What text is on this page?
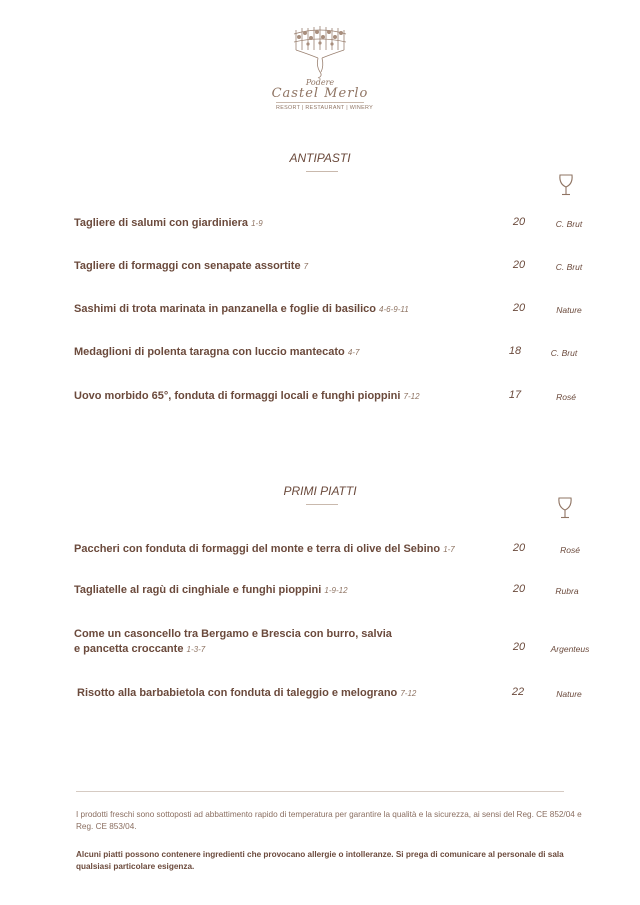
Podere
Castel Merlo
RESORT | RESTAURANT | WINERY
ANTIPASTI
Tagliere di salumi con giardiniera 1-9	20	C. Brut
Tagliere di formaggi con senapate assortite 7	20	C. Brut
Sashimi di trota marinata in panzanella e foglie di basilico 4-6-9-11	20	Nature
Medaglioni di polenta taragna con luccio mantecato 4-7	18	C. Brut
Uovo morbido 65°, fonduta di formaggi locali e funghi pioppini 7-12	17	Rosé
PRIMI PIATTI
Paccheri con fonduta di formaggi del monte e terra di olive del Sebino 1-7	20	Rosé
Tagliatelle al ragù di cinghiale e funghi pioppini 1-9-12	20	Rubra
Come un casoncello tra Bergamo e Brescia con burro, salvia
e pancetta croccante 1-3-7	20	Argenteus
Risotto alla barbabietola con fonduta di taleggio e melograno 7-12	22	Nature
I prodotti freschi sono sottoposti ad abbattimento rapido di temperatura per garantire la qualità e la sicurezza, ai sensi del Reg. CE 852/04 e Reg. CE 853/04.
Alcuni piatti possono contenere ingredienti che provocano allergie o intolleranze. Si prega di comunicare al personale di sala qualsiasi particolare esigenza.
